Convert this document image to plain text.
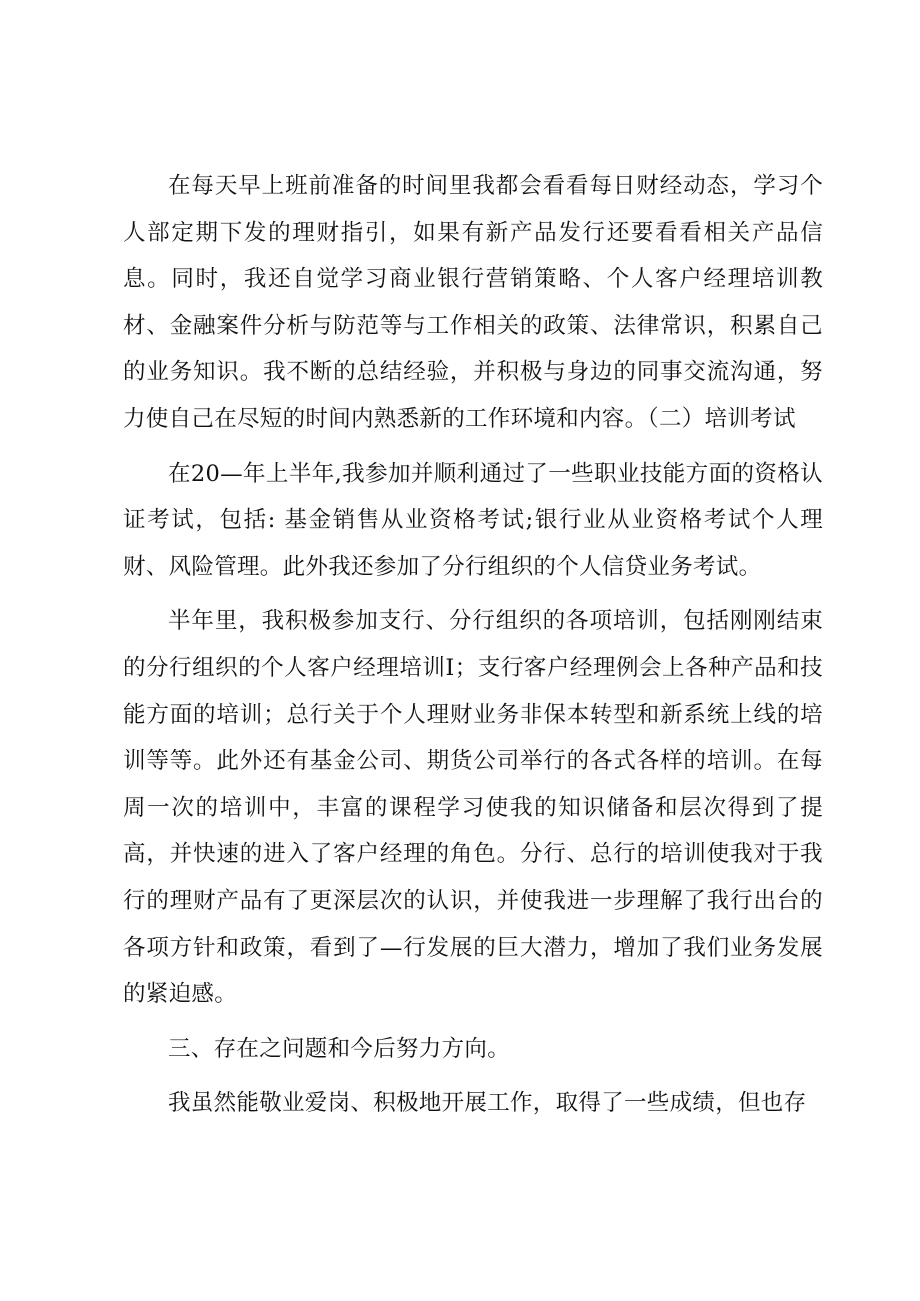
在每天早上班前准备的时间里我都会看看每日财经动态，学习个人部定期下发的理财指引，如果有新产品发行还要看看相关产品信息。同时，我还自觉学习商业银行营销策略、个人客户经理培训教材、金融案件分析与防范等与工作相关的政策、法律常识，积累自己的业务知识。我不断的总结经验，并积极与身边的同事交流沟通，努力使自己在尽短的时间内熟悉新的工作环境和内容。（二）培训考试

在20—年上半年,我参加并顺利通过了一些职业技能方面的资格认证考试，包括: 基金销售从业资格考试;银行业从业资格考试个人理财、风险管理。此外我还参加了分行组织的个人信贷业务考试。

半年里，我积极参加支行、分行组织的各项培训，包括刚刚结束的分行组织的个人客户经理培训Ⅰ；支行客户经理例会上各种产品和技能方面的培训；总行关于个人理财业务非保本转型和新系统上线的培训等等。此外还有基金公司、期货公司举行的各式各样的培训。在每周一次的培训中，丰富的课程学习使我的知识储备和层次得到了提高，并快速的进入了客户经理的角色。分行、总行的培训使我对于我行的理财产品有了更深层次的认识，并使我进一步理解了我行出台的各项方针和政策，看到了—行发展的巨大潜力，增加了我们业务发展的紧迫感。

三、存在之问题和今后努力方向。

我虽然能敬业爱岗、积极地开展工作，取得了一些成绩，但也存
